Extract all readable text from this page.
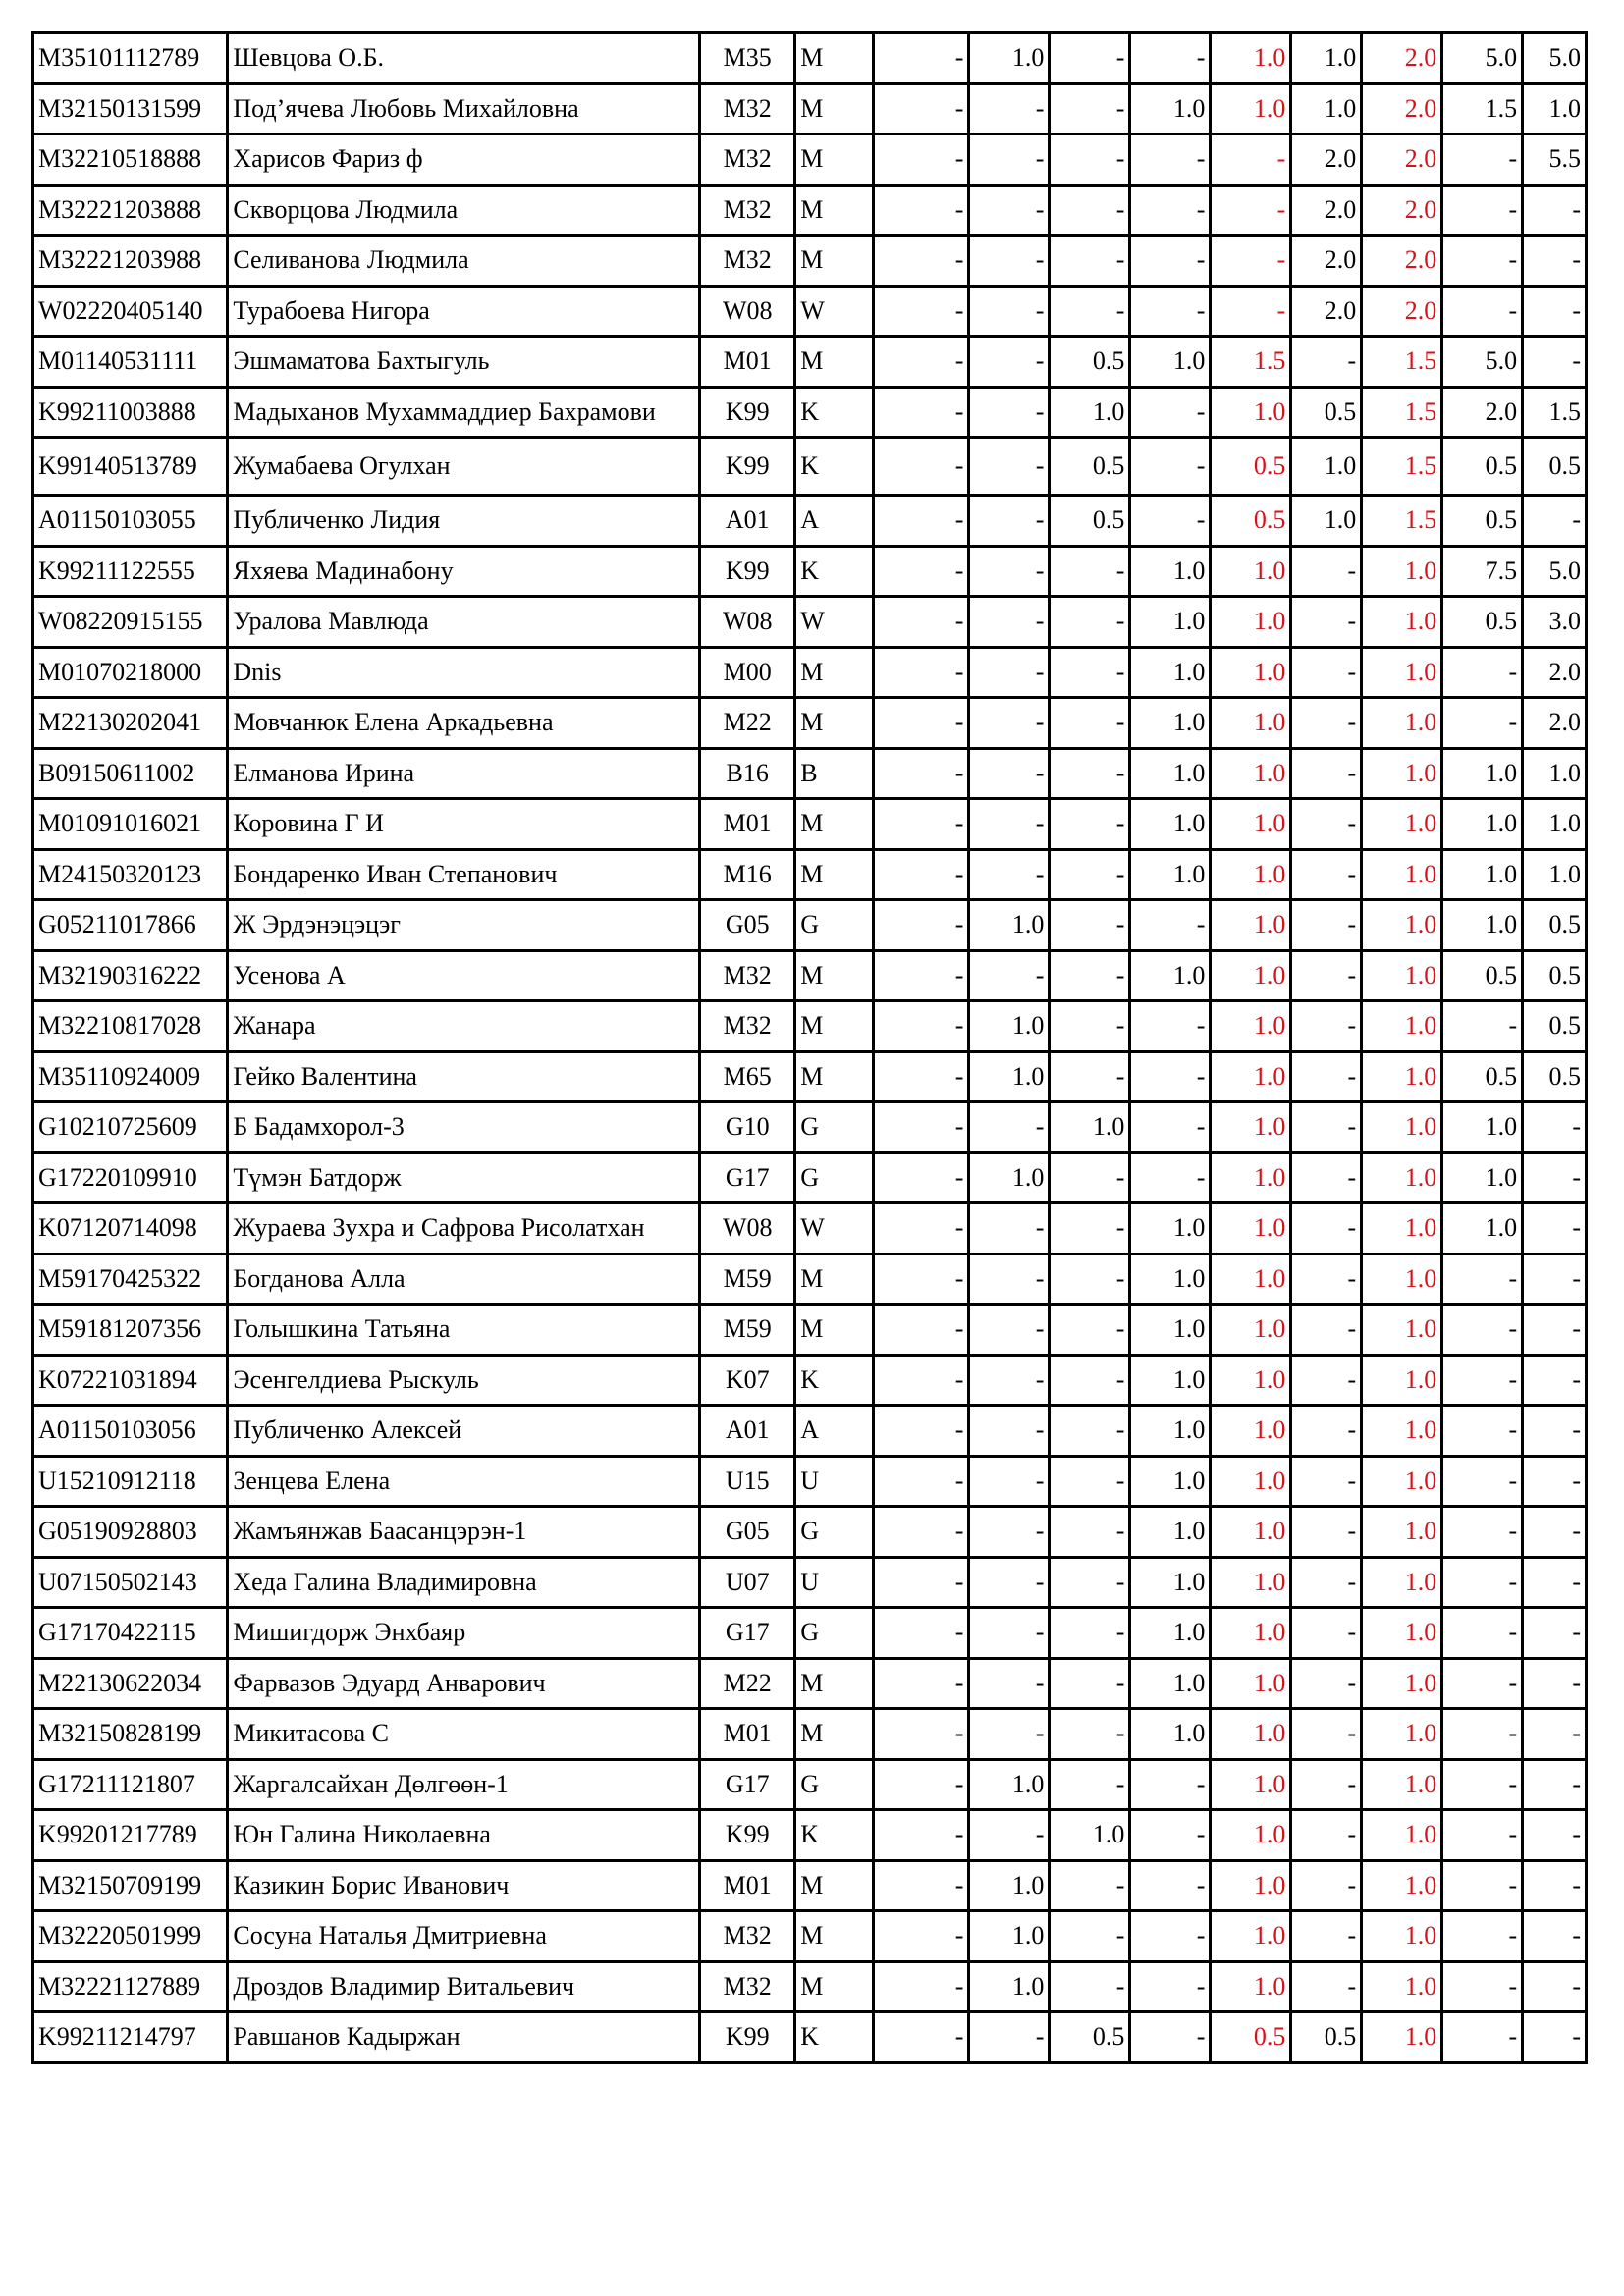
M35101112789	Шевцова О.Б.	M35	M	-	1.0	-	-	1.0	1.0	2.0	5.0	5.0
M32150131599	Под’ячева Любовь Михайловна	M32	M	-	-	-	1.0	1.0	1.0	2.0	1.5	1.0
M32210518888	Харисов Фариз ф	M32	M	-	-	-	-	-	2.0	2.0	-	5.5
M32221203888	Скворцова Людмила	M32	M	-	-	-	-	-	2.0	2.0	-	-
M32221203988	Селиванова Людмила	M32	M	-	-	-	-	-	2.0	2.0	-	-
W02220405140	Турабоева Нигора	W08	W	-	-	-	-	-	2.0	2.0	-	-
M01140531111	Эшмаматова Бахтыгуль	M01	M	-	-	0.5	1.0	1.5	-	1.5	5.0	-
K99211003888	Мадыханов Мухаммaддиер Бахрамови	K99	K	-	-	1.0	-	1.0	0.5	1.5	2.0	1.5
K99140513789	Жумабаева Огулхан	K99	K	-	-	0.5	-	0.5	1.0	1.5	0.5	0.5
A01150103055	Публиченко Лидия	A01	A	-	-	0.5	-	0.5	1.0	1.5	0.5	-
K99211122555	Яхяева Мадинабону	K99	K	-	-	-	1.0	1.0	-	1.0	7.5	5.0
W08220915155	Уралова Мавлюда	W08	W	-	-	-	1.0	1.0	-	1.0	0.5	3.0
M01070218000	Dnis	M00	M	-	-	-	1.0	1.0	-	1.0	-	2.0
M22130202041	Мовчанюк Елена Аркадьевна	M22	M	-	-	-	1.0	1.0	-	1.0	-	2.0
B09150611002	Елманова Ирина	B16	B	-	-	-	1.0	1.0	-	1.0	1.0	1.0
M01091016021	Коровина Г И	M01	M	-	-	-	1.0	1.0	-	1.0	1.0	1.0
M24150320123	Бондаренко Иван Степанович	M16	M	-	-	-	1.0	1.0	-	1.0	1.0	1.0
G05211017866	Ж Эрдэнэцэцэг	G05	G	-	1.0	-	-	1.0	-	1.0	1.0	0.5
M32190316222	Усенова А	M32	M	-	-	-	1.0	1.0	-	1.0	0.5	0.5
M32210817028	Жанара	M32	M	-	1.0	-	-	1.0	-	1.0	-	0.5
M35110924009	Гейко Валентина	M65	M	-	1.0	-	-	1.0	-	1.0	0.5	0.5
G10210725609	Б Бадамхорол-3	G10	G	-	-	1.0	-	1.0	-	1.0	1.0	-
G17220109910	Түмэн Батдорж	G17	G	-	1.0	-	-	1.0	-	1.0	1.0	-
K07120714098	Жураева Зухра и Сафрова Рисолатхан	W08	W	-	-	-	1.0	1.0	-	1.0	1.0	-
M59170425322	Богданова Алла	M59	M	-	-	-	1.0	1.0	-	1.0	-	-
M59181207356	Голышкина Татьяна	M59	M	-	-	-	1.0	1.0	-	1.0	-	-
K07221031894	Эсенгелдиева Рыскуль	K07	K	-	-	-	1.0	1.0	-	1.0	-	-
A01150103056	Публиченко Алексей	A01	A	-	-	-	1.0	1.0	-	1.0	-	-
U15210912118	Зенцева Елена	U15	U	-	-	-	1.0	1.0	-	1.0	-	-
G05190928803	Жамъянжав Баасанцэрэн-1	G05	G	-	-	-	1.0	1.0	-	1.0	-	-
U07150502143	Хеда Галина Владимировна	U07	U	-	-	-	1.0	1.0	-	1.0	-	-
G17170422115	Мишигдорж Энхбаяр	G17	G	-	-	-	1.0	1.0	-	1.0	-	-
M22130622034	Фарвазов Эдуард Анварович	M22	M	-	-	-	1.0	1.0	-	1.0	-	-
M32150828199	Микитасова С	M01	M	-	-	-	1.0	1.0	-	1.0	-	-
G17211121807	Жаргалсайхан Дөлгөөн-1	G17	G	-	1.0	-	-	1.0	-	1.0	-	-
K99201217789	Юн Галина Николаевна	K99	K	-	-	1.0	-	1.0	-	1.0	-	-
M32150709199	Казикин Борис Иванович	M01	M	-	1.0	-	-	1.0	-	1.0	-	-
M32220501999	Сосуна Наталья Дмитриевна	M32	M	-	1.0	-	-	1.0	-	1.0	-	-
M32221127889	Дроздов Владимир Витальевич	M32	M	-	1.0	-	-	1.0	-	1.0	-	-
K99211214797	Равшанов Кадыржан	K99	K	-	-	0.5	-	0.5	0.5	1.0	-	-
